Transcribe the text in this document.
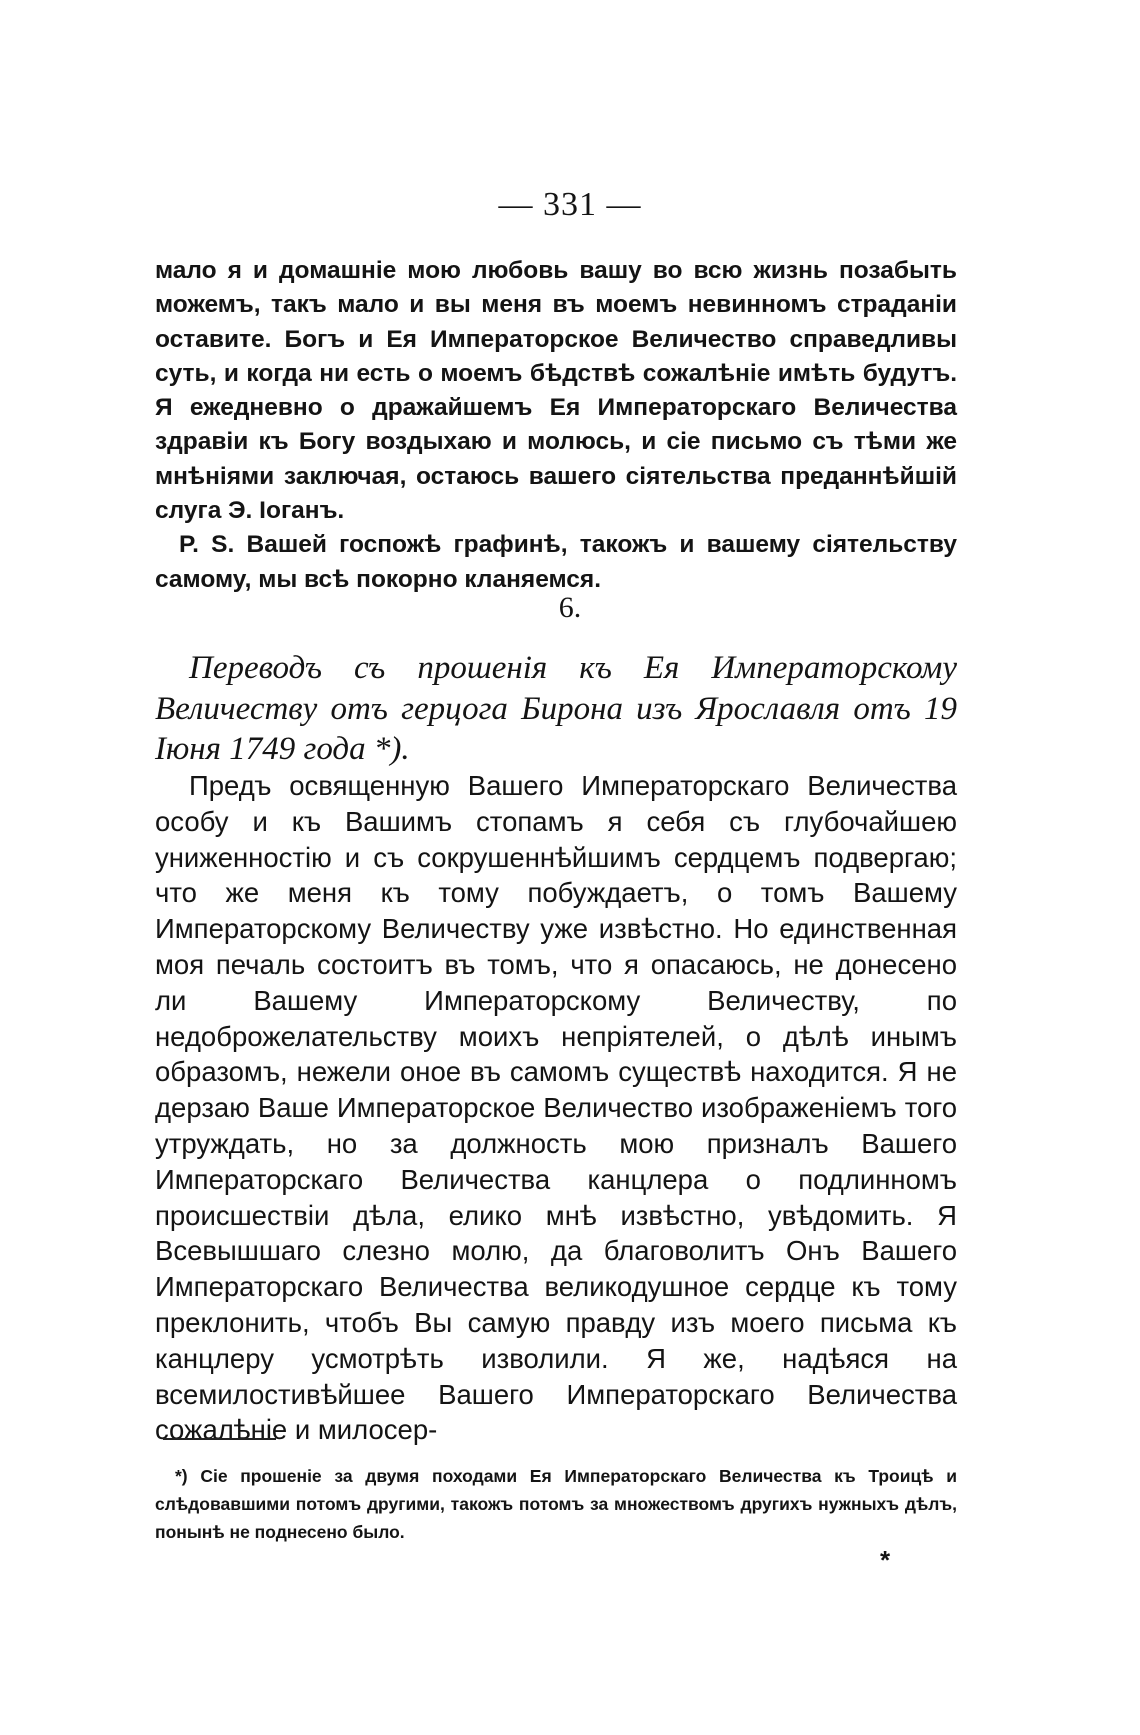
— 331 —

мало я и домашніе мою любовь вашу во всю жизнь позабыть можемъ, такъ мало и вы меня въ моемъ невинномъ страданіи оставите. Богъ и Ея Императорское Величество справедливы суть, и когда ни есть о моемъ бѣдствѣ сожалѣніе имѣть будутъ. Я ежедневно о дражайшемъ Ея Императорскаго Величества здравіи къ Богу воздыхаю и молюсь, и сіе письмо съ тѣми же мнѣніями заключая, остаюсь вашего сіятельства преданнѣйшій слуга Э. Іоганъ.

P. S. Вашей госпожѣ графинѣ, такожъ и вашему сіятельству самому, мы всѣ покорно кланяемся.

6.

Переводъ съ прошенія къ Ея Императорскому Величеству отъ герцога Бирона изъ Ярославля отъ 19 Іюня 1749 года *).

Предъ освященную Вашего Императорскаго Величества особу и къ Вашимъ стопамъ я себя съ глубочайшею униженностію и съ сокрушеннѣйшимъ сердцемъ подвергаю; что же меня къ тому побуждаетъ, о томъ Вашему Императорскому Величеству уже извѣстно. Но единственная моя печаль состоитъ въ томъ, что я опасаюсь, не донесено ли Вашему Императорскому Величеству, по недоброжелательству моихъ непріятелей, о дѣлѣ инымъ образомъ, нежели оное въ самомъ существѣ находится. Я не дерзаю Ваше Императорское Величество изображеніемъ того утруждать, но за должность мою призналъ Вашего Императорскаго Величества канцлера о подлинномъ происшествіи дѣла, елико мнѣ извѣстно, увѣдомить. Я Всевышшаго слезно молю, да благоволитъ Онъ Вашего Императорскаго Величества великодушное сердце къ тому преклонить, чтобъ Вы самую правду изъ моего письма къ канцлеру усмотрѣть изволили. Я же, надѣяся на всемилостивѣйшее Вашего Императорскаго Величества сожалѣніе и милосер-

*) Сіе прошеніе за двумя походами Ея Императорскаго Величества къ Троицѣ и слѣдовавшими потомъ другими, такожъ потомъ за множествомъ другихъ нужныхъ дѣлъ, понынѣ не поднесено было.

*
